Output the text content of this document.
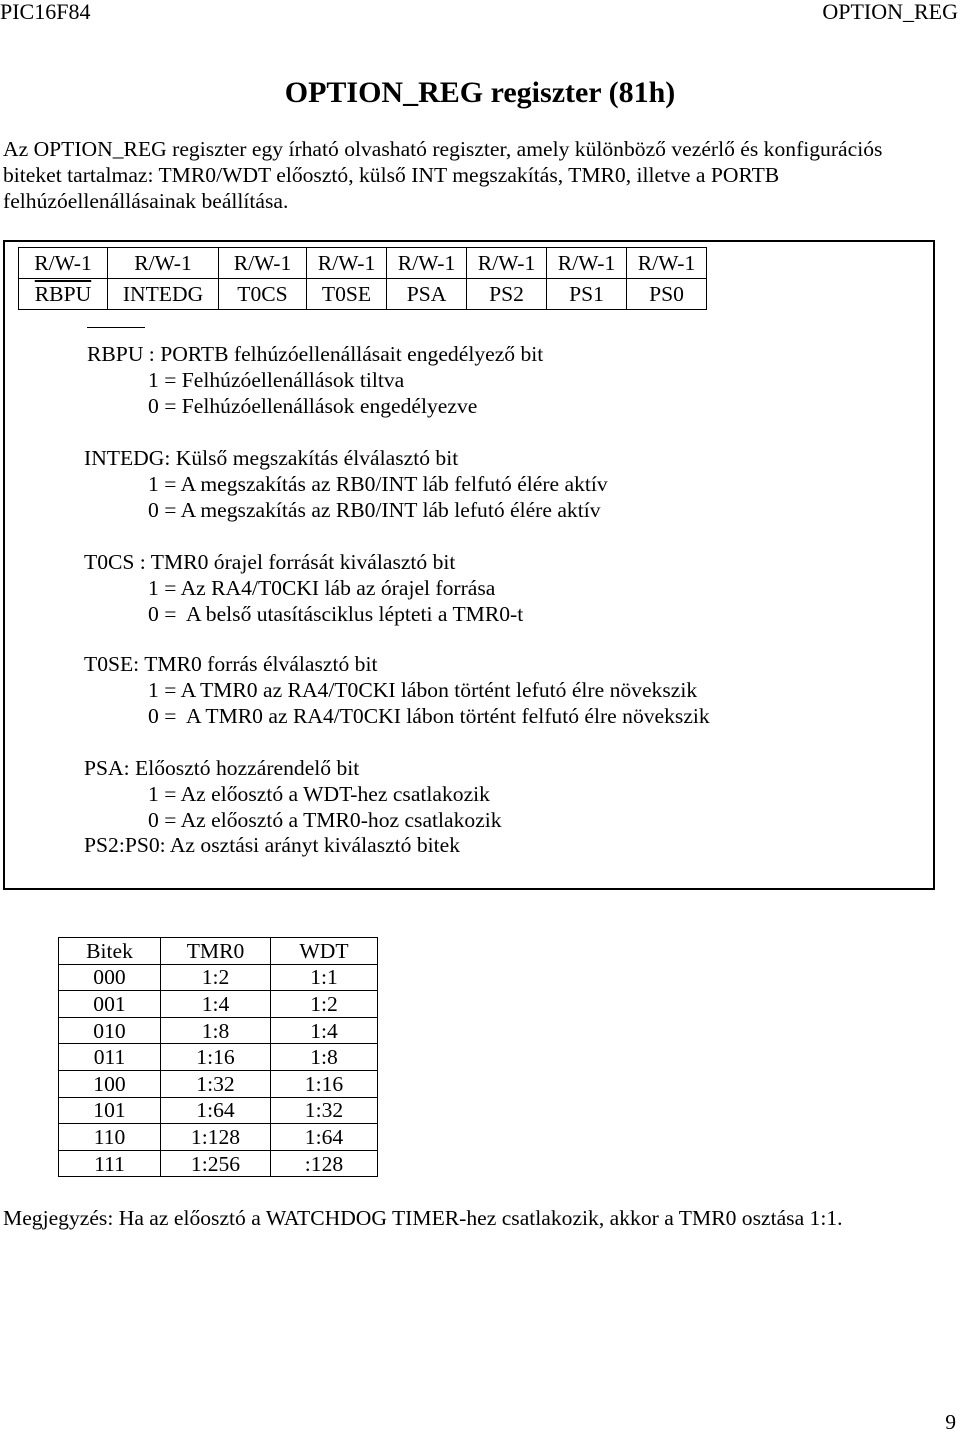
PIC16F84	OPTION_REG
OPTION_REG regiszter (81h)
Az OPTION_REG regiszter egy írható olvasható regiszter, amely különböző vezérlő és konfigurációs
biteket tartalmaz: TMR0/WDT előosztó, külső INT megszakítás, TMR0, illetve a PORTB
felhúzóellenállásainak beállítása.
R/W-1	R/W-1	R/W-1	R/W-1	R/W-1	R/W-1	R/W-1	R/W-1
RBPU	INTEDG	T0CS	T0SE	PSA	PS2	PS1	PS0
RBPU : PORTB felhúzóellenállásait engedélyező bit
1 = Felhúzóellenállások tiltva
0 = Felhúzóellenállások engedélyezve
INTEDG: Külső megszakítás élválasztó bit
1 = A megszakítás az RB0/INT láb felfutó élére aktív
0 = A megszakítás az RB0/INT láb lefutó élére aktív
T0CS : TMR0 órajel forrását kiválasztó bit
1 = Az RA4/T0CKI láb az órajel forrása
0 =  A belső utasításciklus lépteti a TMR0-t
T0SE: TMR0 forrás élválasztó bit
1 = A TMR0 az RA4/T0CKI lábon történt lefutó élre növekszik
0 =  A TMR0 az RA4/T0CKI lábon történt felfutó élre növekszik
PSA: Előosztó hozzárendelő bit
1 = Az előosztó a WDT-hez csatlakozik
0 = Az előosztó a TMR0-hoz csatlakozik
PS2:PS0: Az osztási arányt kiválasztó bitek
Bitek	TMR0	WDT
000	1:2	1:1
001	1:4	1:2
010	1:8	1:4
011	1:16	1:8
100	1:32	1:16
101	1:64	1:32
110	1:128	1:64
111	1:256	:128
Megjegyzés: Ha az előosztó a WATCHDOG TIMER-hez csatlakozik, akkor a TMR0 osztása 1:1.
9
